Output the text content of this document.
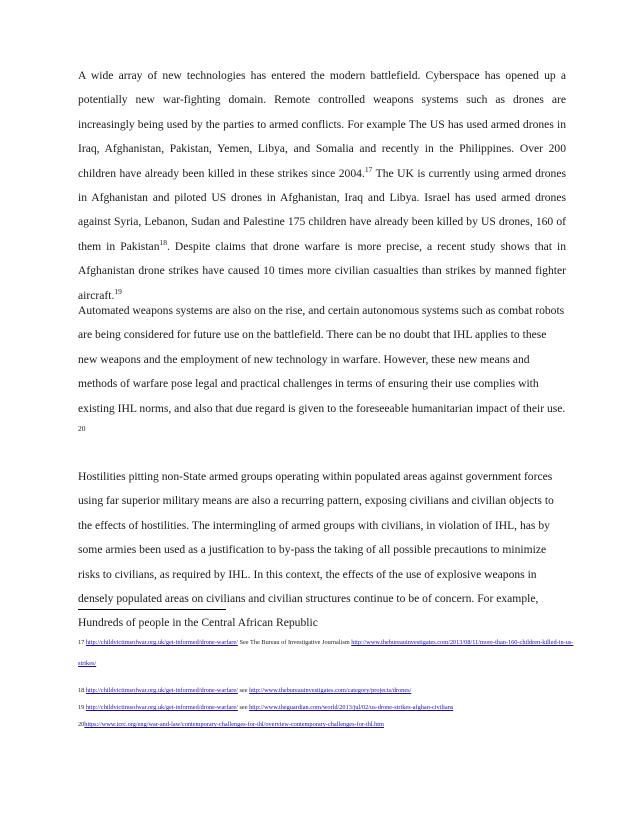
A wide array of new technologies has entered the modern battlefield. Cyberspace has opened up a potentially new war-fighting domain. Remote controlled weapons systems such as drones are increasingly being used by the parties to armed conflicts. For example The US has used armed drones in Iraq, Afghanistan, Pakistan, Yemen, Libya, and Somalia and recently in the Philippines. Over 200 children have already been killed in these strikes since 2004.17 The UK is currently using armed drones in Afghanistan and piloted US drones in Afghanistan, Iraq and Libya. Israel has used armed drones against Syria, Lebanon, Sudan and Palestine 175 children have already been killed by US drones, 160 of them in Pakistan$^{18}$. Despite claims that drone warfare is more precise, a recent study shows that in Afghanistan drone strikes have caused 10 times more civilian casualties than strikes by manned fighter aircraft.$^{19}$

Automated weapons systems are also on the rise, and certain autonomous systems such as combat robots are being considered for future use on the battlefield. There can be no doubt that IHL applies to these new weapons and the employment of new technology in warfare. However, these new means and methods of warfare pose legal and practical challenges in terms of ensuring their use complies with existing IHL norms, and also that due regard is given to the foreseeable humanitarian impact of their use. $^{20}$

Hostilities pitting non-State armed groups operating within populated areas against government forces using far superior military means are also a recurring pattern, exposing civilians and civilian objects to the effects of hostilities. The intermingling of armed groups with civilians, in violation of IHL, has by some armies been used as a justification to by-pass the taking of all possible precautions to minimize risks to civilians, as required by IHL. In this context, the effects of the use of explosive weapons in densely populated areas on civilians and civilian structures continue to be of concern. For example, Hundreds of people in the Central African Republic

17 http://childvictimsofwar.org.uk/get-informed/drone-warfare/ See The Bureau of Investigative Journalism http://www.thebureauinvestigates.com/2013/08/11/more-than-160-children-killed-in-us-strikes/
18 http://childvictimsofwar.org.uk/get-informed/drone-warfare/ see http://www.thebureauinvestigates.com/category/projects/drones/
19 http://childvictimsofwar.org.uk/get-informed/drone-warfare/ see http://www.theguardian.com/world/2013/jul/02/us-drone-strikes-afghan-civilians
20https://www.icrc.org/eng/war-and-law/contemporary-challenges-for-ihl/overview-contemporary-challenges-for-ihl.htm
